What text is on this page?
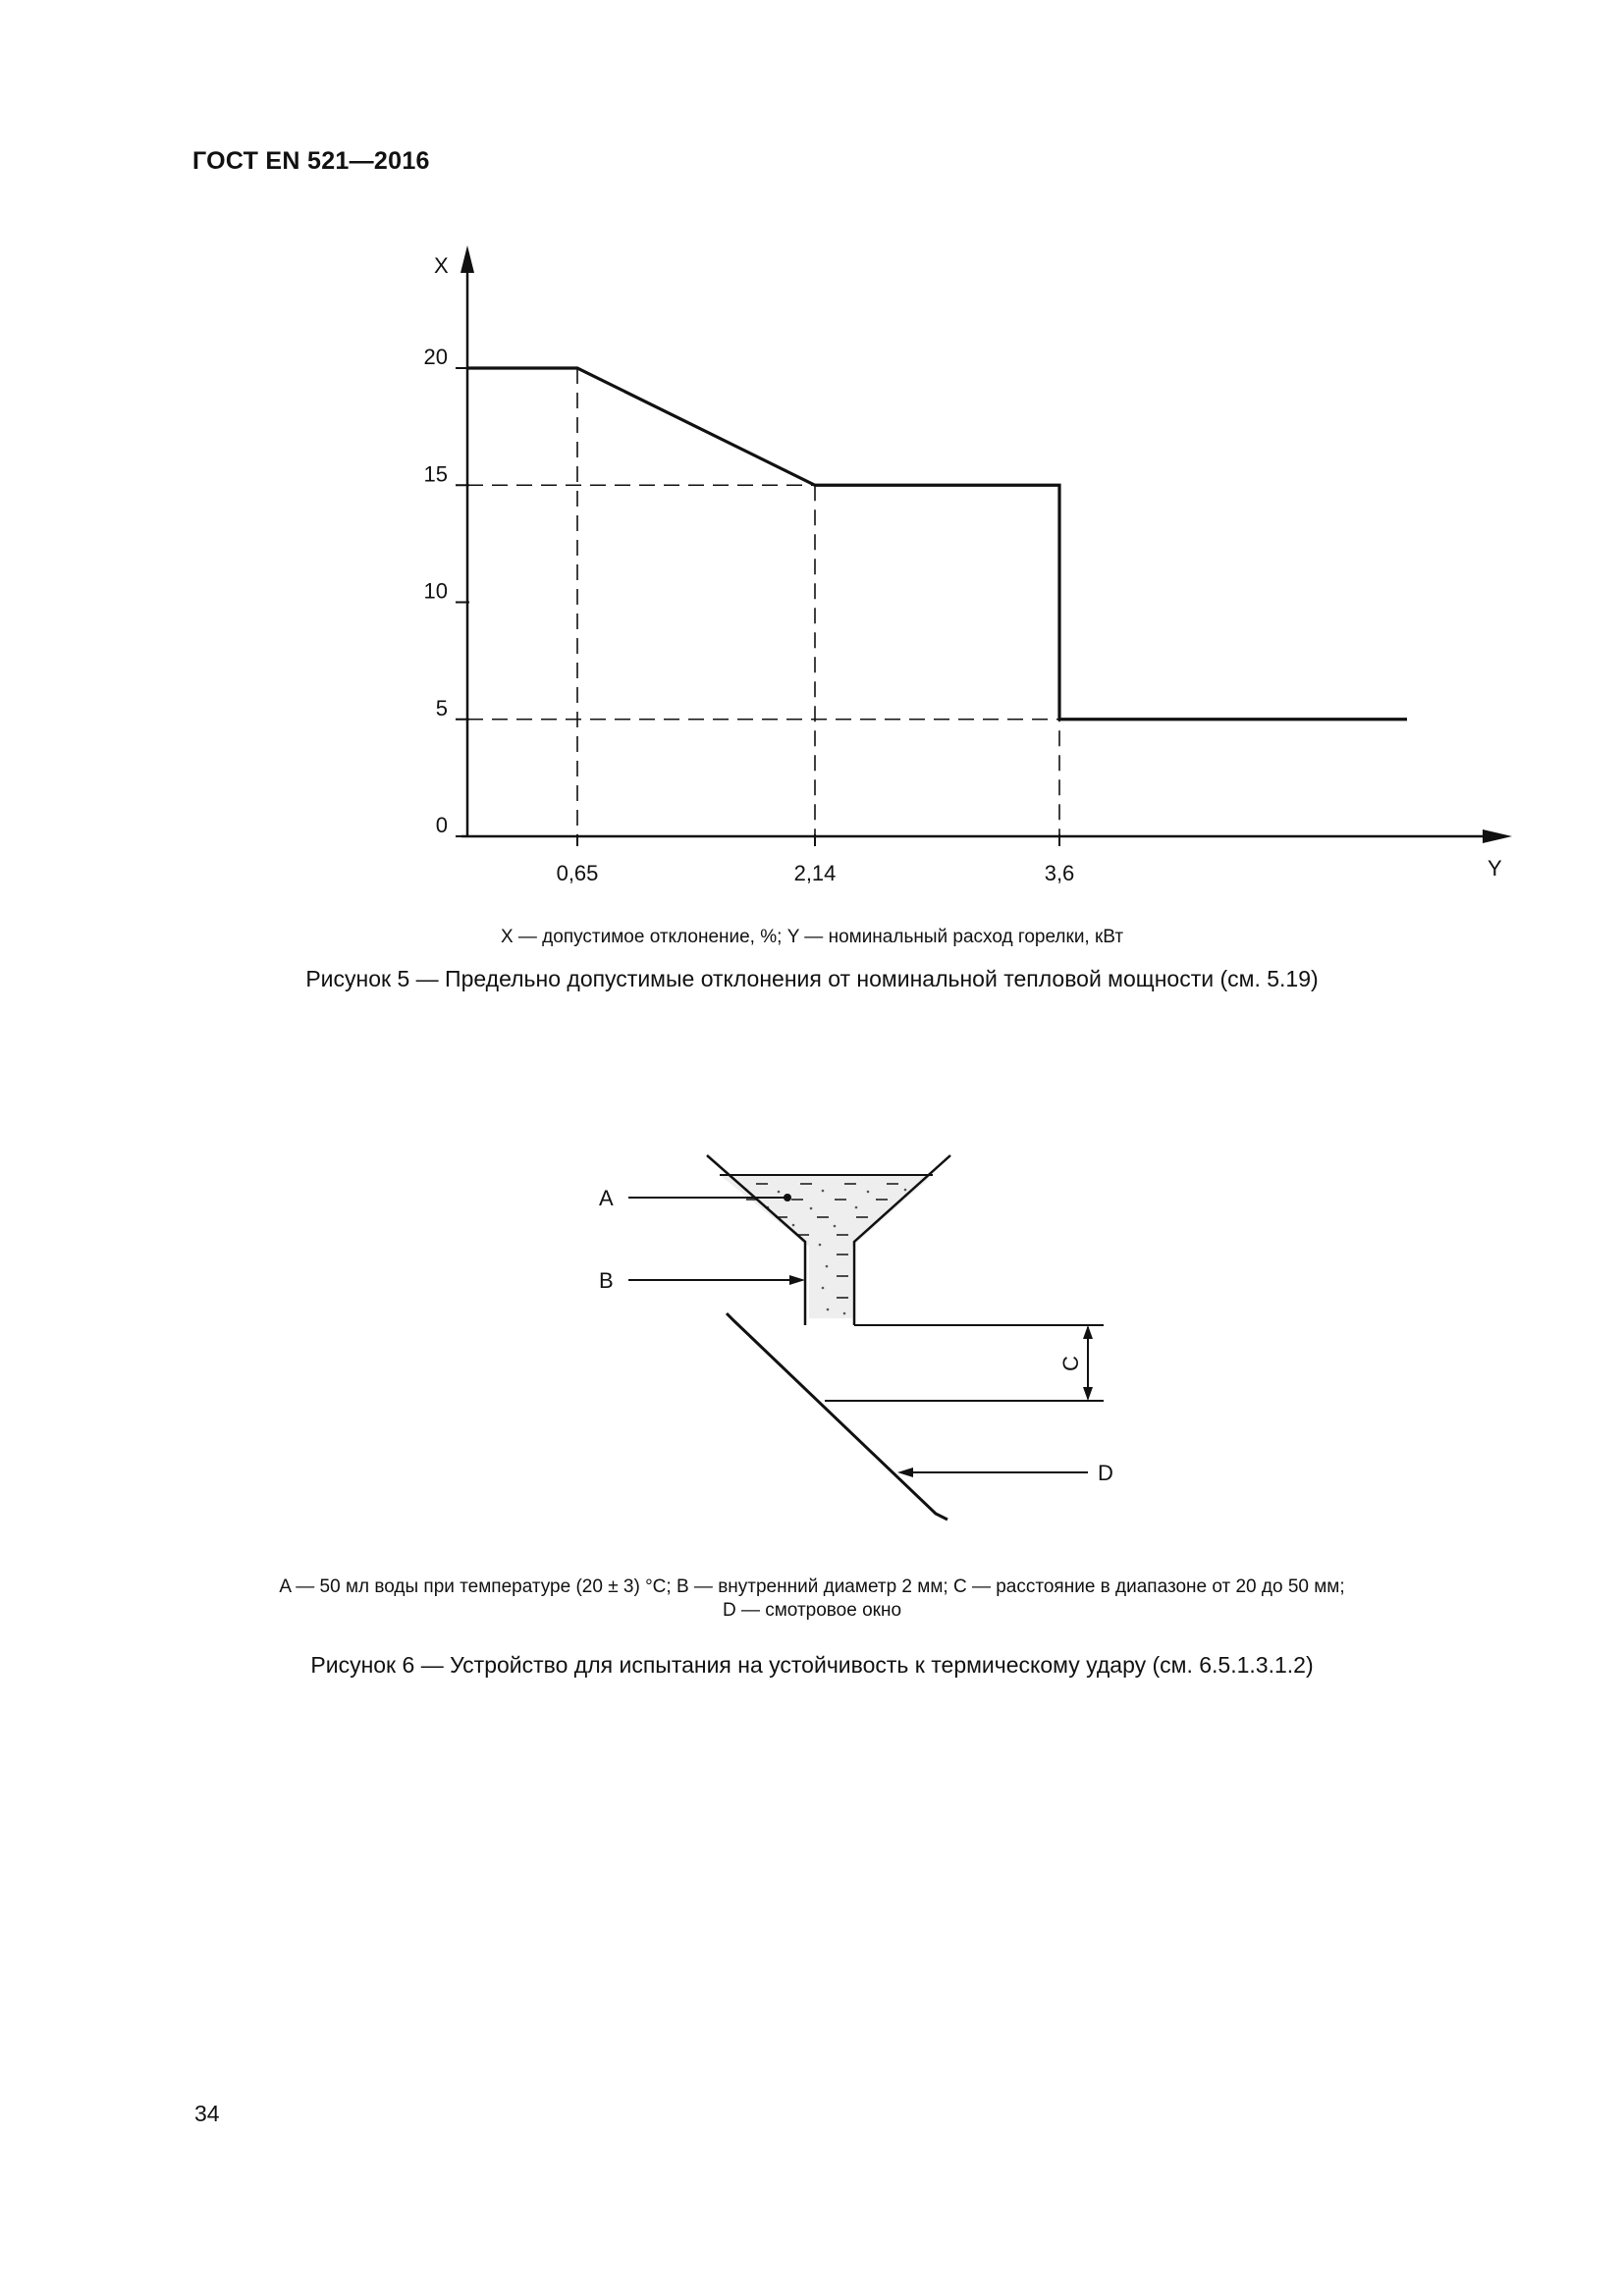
ГОСТ EN 521—2016
0
5
10
15
20
0,65	2,14	3,6
X
Y
X — допустимое отклонение, %; Y — номинальный расход горелки, кВт
Рисунок 5 — Предельно допустимые отклонения от номинальной тепловой мощности (см. 5.19)
C
A
B
D
A — 50 мл воды при температуре (20 ± 3) °С; B — внутренний диаметр 2 мм; C — расстояние в диапазоне от 20 до 50 мм;
D — смотровое окно
Рисунок 6 — Устройство для испытания на устойчивость к термическому удару (см. 6.5.1.3.1.2)
34
